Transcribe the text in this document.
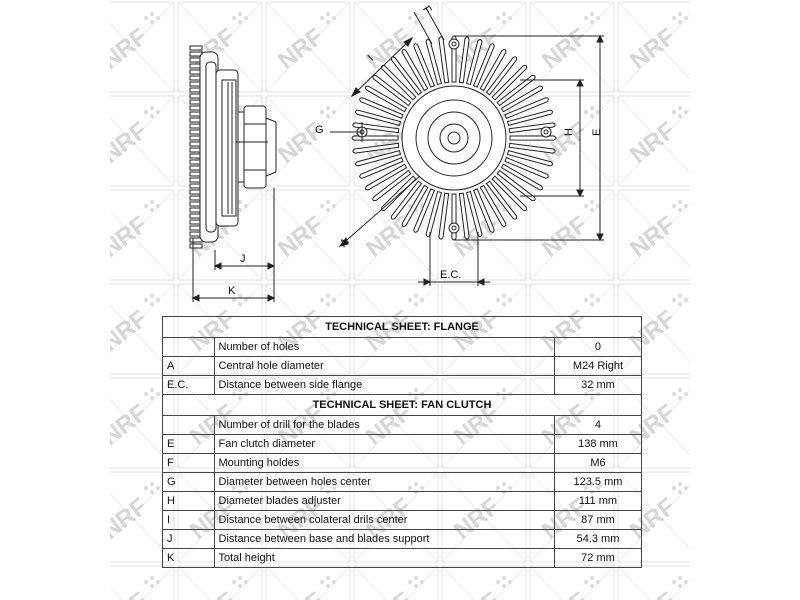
J
K
F
I
G
A
H E
E.C.
TECHNICAL SHEET: FLANGE		
	Number of holes	0
A	Central hole diameter	M24 Right
E.C.	Distance between side flange	32 mm
TECHNICAL SHEET: FAN CLUTCH		
	Number of drill for the blades	4
E	Fan clutch diameter	138 mm
F	Mounting holdes	M6
G	Diameter between holes center	123.5 mm
H	Diameter blades adjuster	111 mm
I	Distance between colateral drils center	87 mm
J	Distance between base and blades support	54.3 mm
K	Total height	72 mm
